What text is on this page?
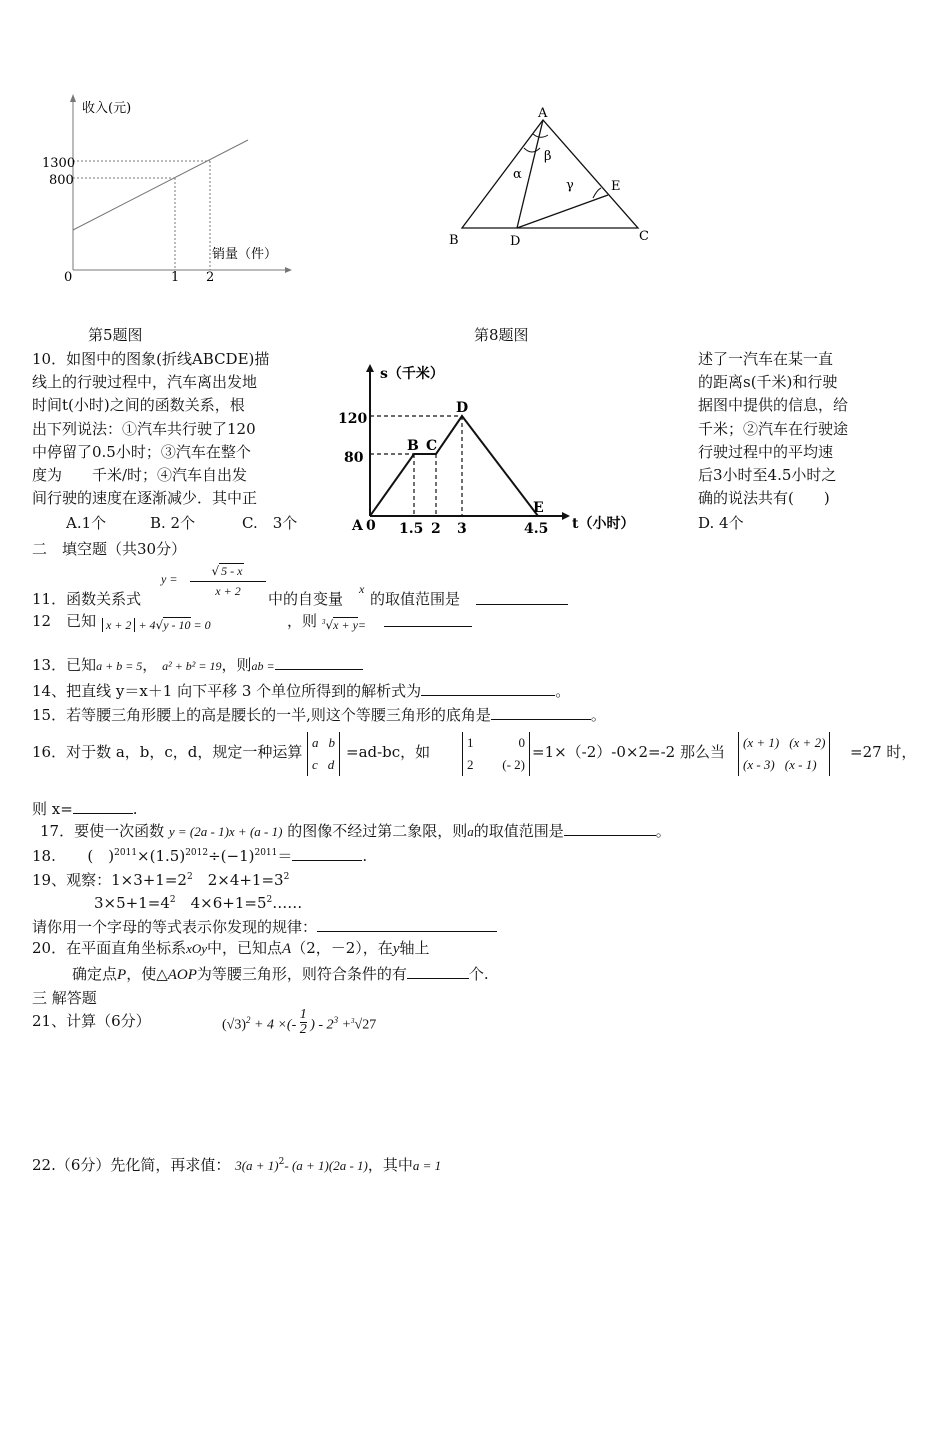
收入(元)
销量（件）
1300
800
0	1 2
第5题图
A
B	C
D
E
α
β
γ
第8题图
10．如图中的图象(折线ABCDE)描
线上的行驶过程中，汽车离出发地
时间t(小时)之间的函数关系，根
出下列说法：①汽车共行驶了120
中停留了0.5小时；③汽车在整个
度为　　千米/时；④汽车自出发
间行驶的速度在逐渐减少．其中正
述了一汽车在某一直
的距离s(千米)和行驶
据图中提供的信息，给
千米；②汽车在行驶途
行驶过程中的平均速
后3小时至4.5小时之
确的说法共有(　　)
A.1个	B. 2个	C.　3个	D. 4个
s（千米）
t（小时）
120
80
A 0
B C
D
E
1.5 2 3	4.5
二　填空题（共30分）
11．函数关系式
y =
√ 5 - x
x + 2	中的自变量
x
的取值范围是
12　已知 x + 2 + 4√y - 10 = 0	，则 $^3$√x + y=
13．已知a + b = 5， a² + b² = 19，则ab =
14、把直线 y＝x＋1 向下平移 3 个单位所得到的解析式为	。
15．若等腰三角形腰上的高是腰长的一半,则这个等腰三角形的底角是	。
16．对于数 a，b，c，d，规定一种运算
a b
c d
=ad-bc，如
1	0
2 (- 2)
=1×（-2）-0×2=-2 那么当
(x + 1) (x + 2)
(x - 3) (x - 1)
=27 时，
则 x=	.
17．要使一次函数 y = (2a - 1)x + (a - 1) 的图像不经过第二象限，则a的取值范围是	。
18. (　)$^{2011}\times(1.5)^{2012}\div(-1)^{2011}=$	.
19、观察：$1\times 3+1=2^2$　$2\times 4+1=3^2$
$3\times 5+1=4^2$　$4\times 6+1=5^2\dots\dots$
请你用一个字母的等式表示你发现的规律：
20．在平面直角坐标系xOy中，已知点A（2，－2），在y轴上
确定点P，使△AOP为等腰三角形，则符合条件的有	个.
三 解答题
21、计算（6分）	$(√3)^2 + 4$ ×(- $\frac{1}{2}$ ) - $2^3 +^3√27$
22.（6分）先化简，再求值： $3(a + 1)^2-$ (a + 1)(2a - 1)，其中a = 1
